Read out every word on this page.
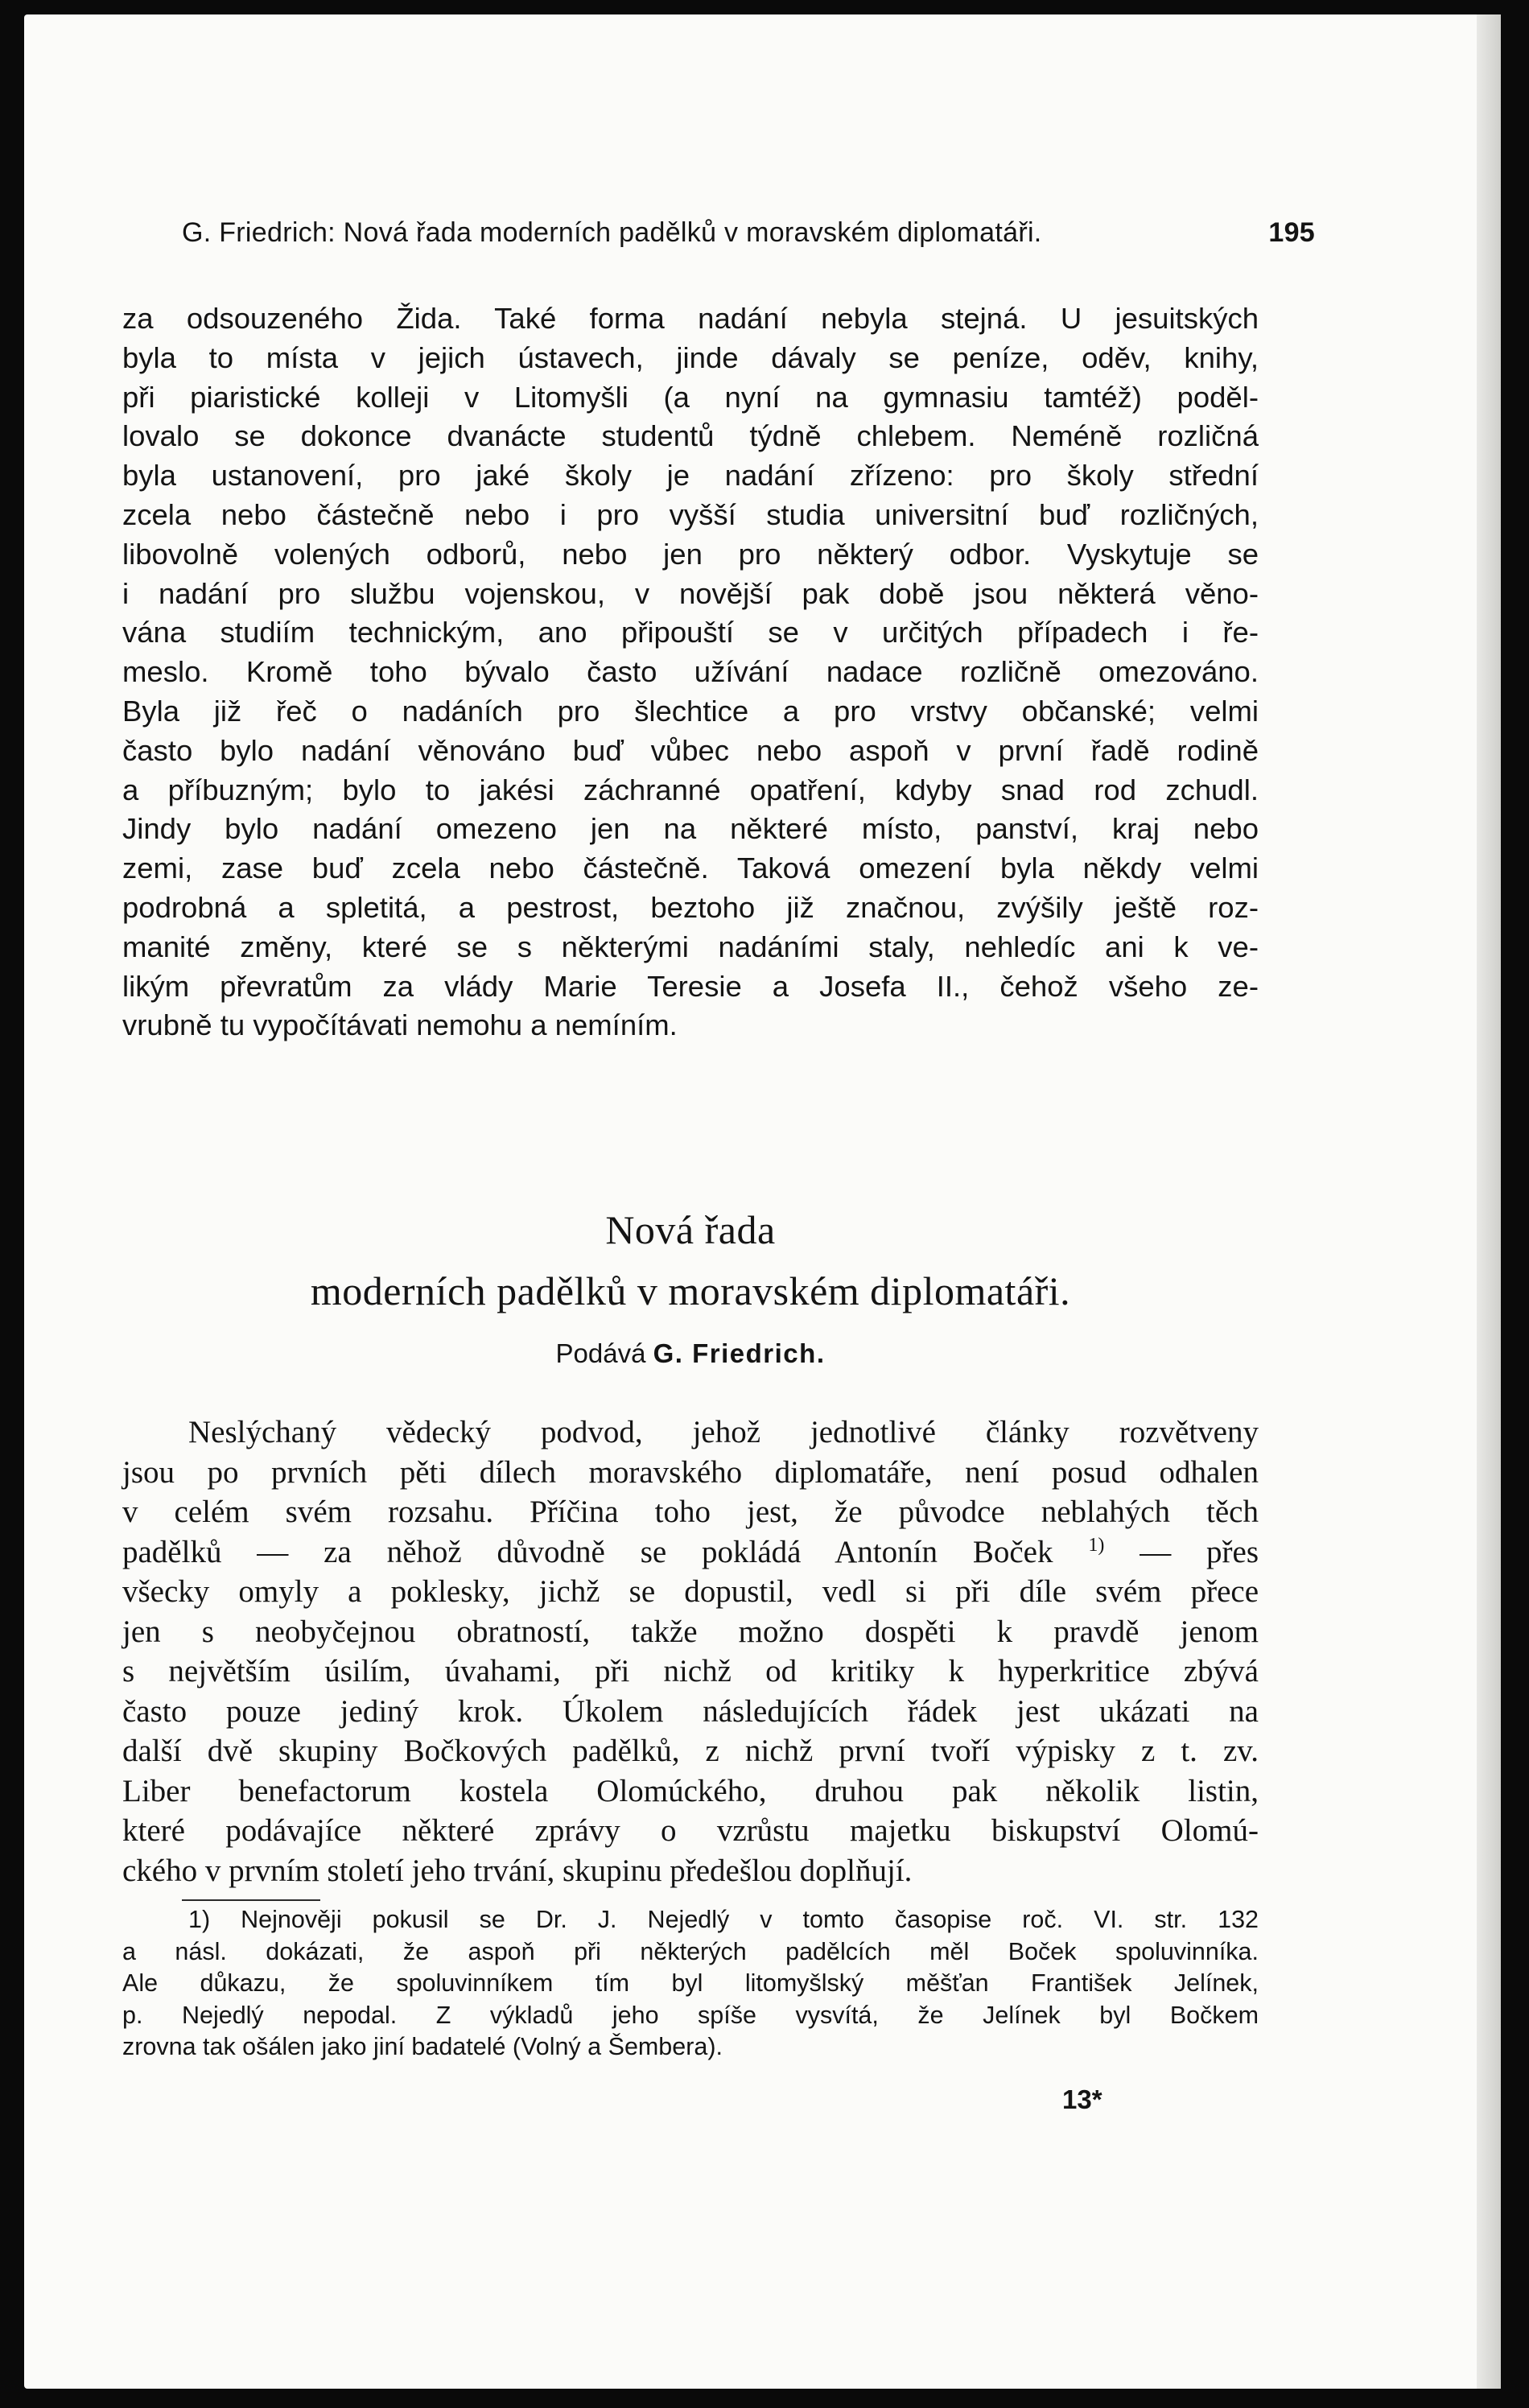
G. Friedrich: Nová řada moderních padělků v moravském diplomatáři.	195
za odsouzeného Žida. Také forma nadání nebyla stejná. U jesuitských
byla to místa v jejich ústavech, jinde dávaly se peníze, oděv, knihy,
při piaristické kolleji v Litomyšli (a nyní na gymnasiu tamtéž) poděl-
lovalo se dokonce dvanácte studentů týdně chlebem. Neméně rozličná
byla ustanovení, pro jaké školy je nadání zřízeno: pro školy střední
zcela nebo částečně nebo i pro vyšší studia universitní buď rozličných,
libovolně volených odborů, nebo jen pro některý odbor. Vyskytuje se
i nadání pro službu vojenskou, v novější pak době jsou některá věno-
vána studiím technickým, ano připouští se v určitých případech i ře-
meslo. Kromě toho bývalo často užívání nadace rozličně omezováno.
Byla již řeč o nadáních pro šlechtice a pro vrstvy občanské; velmi
často bylo nadání věnováno buď vůbec nebo aspoň v první řadě rodině
a příbuzným; bylo to jakési záchranné opatření, kdyby snad rod zchudl.
Jindy bylo nadání omezeno jen na některé místo, panství, kraj nebo
zemi, zase buď zcela nebo částečně. Taková omezení byla někdy velmi
podrobná a spletitá, a pestrost, beztoho již značnou, zvýšily ještě roz-
manité změny, které se s některými nadáními staly, nehledíc ani k ve-
likým převratům za vlády Marie Teresie a Josefa II., čehož všeho ze-
vrubně tu vypočítávati nemohu a nemíním.
Nová řada
moderních padělků v moravském diplomatáři.
Podává G. Friedrich.
Neslýchaný vědecký podvod, jehož jednotlivé články rozvětveny
jsou po prvních pěti dílech moravského diplomatáře, není posud odhalen
v celém svém rozsahu. Příčina toho jest, že původce neblahých těch
padělků — za něhož důvodně se pokládá Antonín Boček $^{1)}$ — přes
všecky omyly a poklesky, jichž se dopustil, vedl si při díle svém přece
jen s neobyčejnou obratností, takže možno dospěti k pravdě jenom
s největším úsilím, úvahami, při nichž od kritiky k hyperkritice zbývá
často pouze jediný krok. Úkolem následujících řádek jest ukázati na
další dvě skupiny Bočkových padělků, z nichž první tvoří výpisky z t. zv.
Liber benefactorum kostela Olomúckého, druhou pak několik listin,
které podávajíce některé zprávy o vzrůstu majetku biskupství Olomú-
ckého v prvním století jeho trvání, skupinu předešlou doplňují.
1) Nejnověji pokusil se Dr. J. Nejedlý v tomto časopise roč. VI. str. 132
a násl. dokázati, že aspoň při některých padělcích měl Boček spoluvinníka.
Ale důkazu, že spoluvinníkem tím byl litomyšlský měšťan František Jelínek,
p. Nejedlý nepodal. Z výkladů jeho spíše vysvítá, že Jelínek byl Bočkem
zrovna tak ošálen jako jiní badatelé (Volný a Šembera).
13*
